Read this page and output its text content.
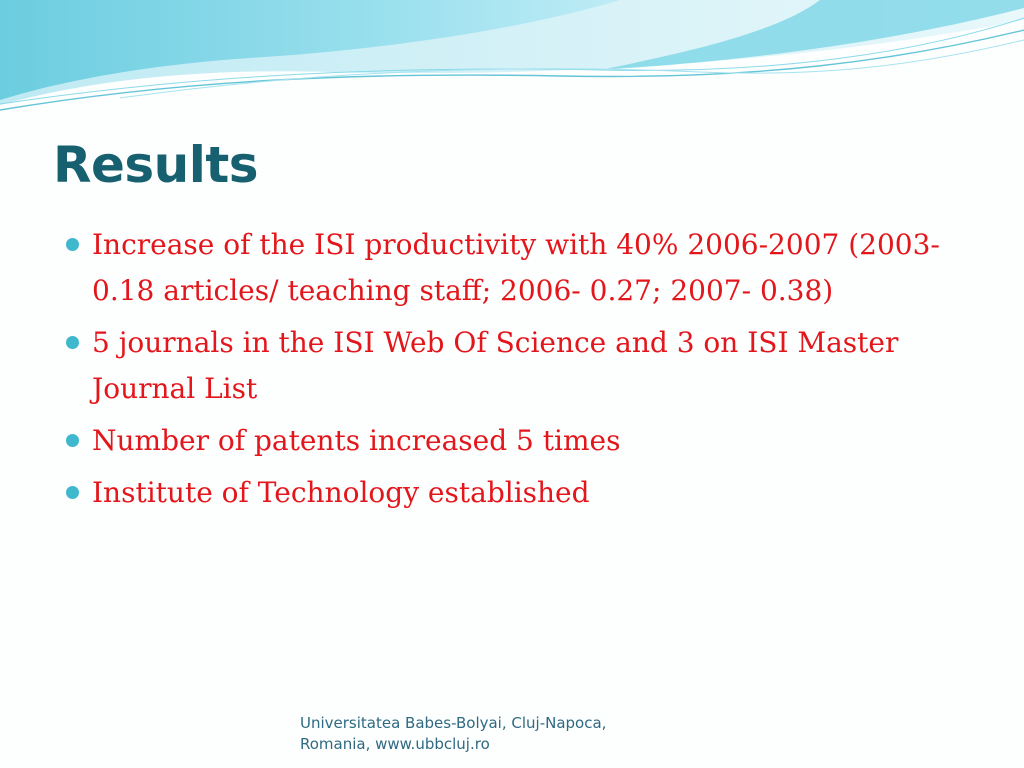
Results
Increase of the ISI productivity with 40% 2006-2007 (2003- 0.18 articles/ teaching staff; 2006- 0.27; 2007- 0.38)
5 journals in the ISI Web Of Science and 3 on ISI Master Journal List
Number of patents increased 5 times
Institute of Technology established
Universitatea Babes-Bolyai, Cluj-Napoca,
Romania, www.ubbcluj.ro
